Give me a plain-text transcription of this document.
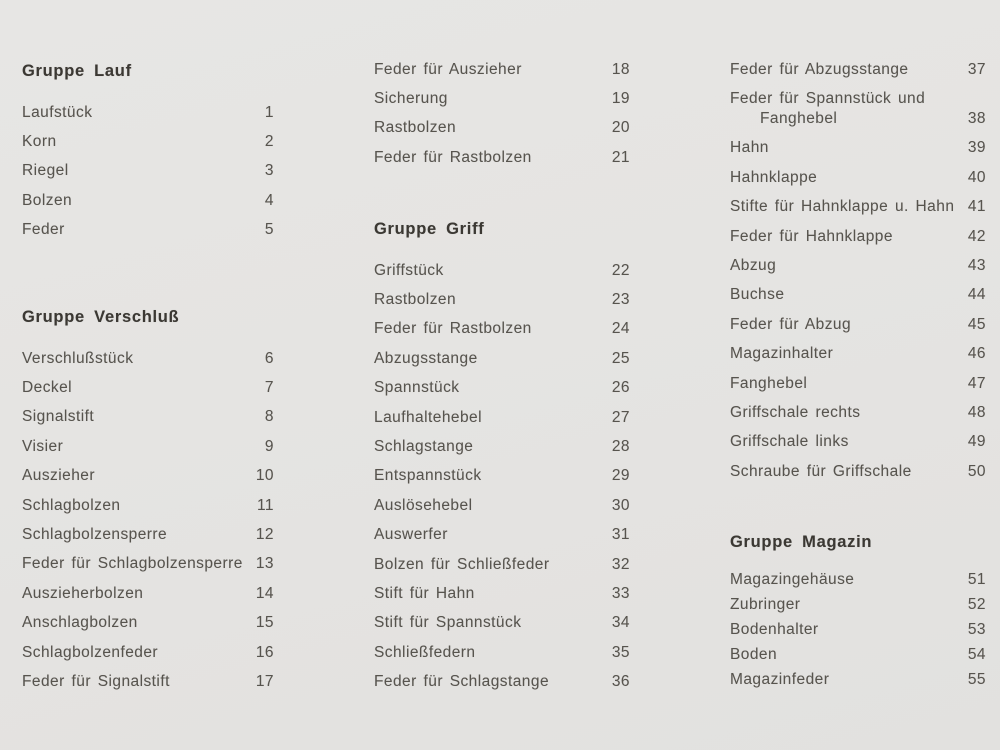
Gruppe Lauf
Laufstück	1
Korn	2
Riegel	3
Bolzen	4
Feder	5
Gruppe Verschluß
Verschlußstück	6
Deckel	7
Signalstift	8
Visier	9
Auszieher	10
Schlagbolzen	11
Schlagbolzensperre	12
Feder für Schlagbolzensperre 13
Auszieherbolzen	14
Anschlagbolzen	15
Schlagbolzenfeder	16
Feder für Signalstift	17
Feder für Auszieher	18
Sicherung	19
Rastbolzen	20
Feder für Rastbolzen	21
Gruppe Griff
Griffstück	22
Rastbolzen	23
Feder für Rastbolzen	24
Abzugsstange	25
Spannstück	26
Laufhaltehebel	27
Schlagstange	28
Entspannstück	29
Auslösehebel	30
Auswerfer	31
Bolzen für Schließfeder	32
Stift für Hahn	33
Stift für Spannstück	34
Schließfedern	35
Feder für Schlagstange	36
Feder für Abzugsstange	37
Feder für Spannstück und
Fanghebel	38
Hahn	39
Hahnklappe	40
Stifte für Hahnklappe u. Hahn 41
Feder für Hahnklappe	42
Abzug	43
Buchse	44
Feder für Abzug	45
Magazinhalter	46
Fanghebel	47
Griffschale rechts	48
Griffschale links	49
Schraube für Griffschale	50
Gruppe Magazin
Magazingehäuse	51
Zubringer	52
Bodenhalter	53
Boden	54
Magazinfeder	55
